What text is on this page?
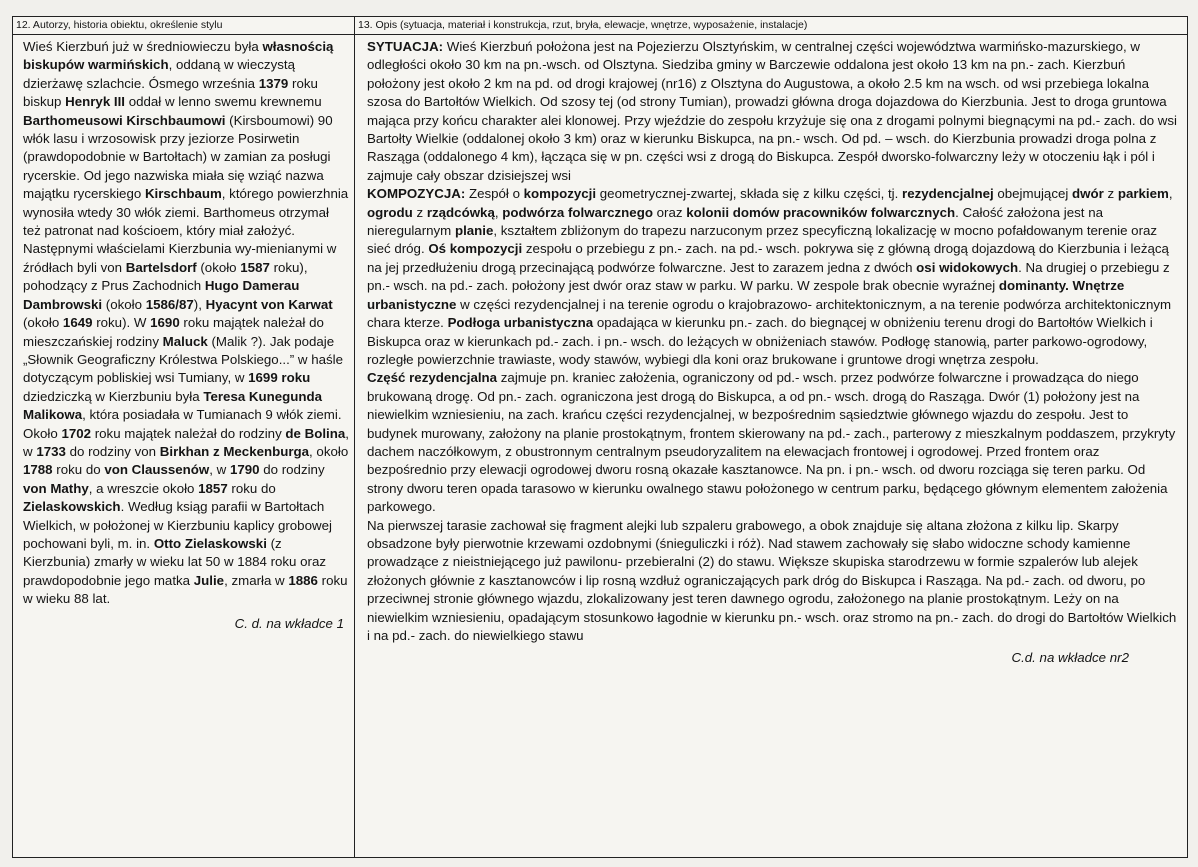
12. Autorzy, historia obiektu, określenie stylu

Wieś Kierzbuń już w średniowieczu była własnością biskupów warmińskich, oddaną w wieczystą dzierżawę szlachcie. Ósmego września 1379 roku biskup Henryk III oddał w lenno swemu krewnemu Barthomeusowi Kirschbaumowi (Kirsboumowi) 90 włók lasu i wrzosowisk przy jeziorze Posirwetin (prawdopodobnie w Bartołtach) w zamian za posługi rycerskie. Od jego nazwiska miała się wziąć nazwa majątku rycerskiego Kirschbaum, którego powierzhnia wynosiła wtedy 30 włók ziemi. Barthomeus otrzymał też patronat nad kościoem, który miał założyć. Następnymi właścielami Kierzbunia wy-mienianymi w źródłach byli von Bartelsdorf (około 1587 roku), pohodzący z Prus Zachodnich Hugo Damerau Dambrowski (około 1586/87), Hyacynt von Karwat (około 1649 roku). W 1690 roku majątek należał do mieszczańskiej rodziny Maluck (Malik ?). Jak podaje „Słownik Geograficzny Królestwa Polskiego...” w haśle dotyczącym pobliskiej wsi Tumiany, w 1699 roku dziedziczką w Kierzbuniu była Teresa Kunegunda Malikowa, która posiadała w Tumianach 9 włók ziemi. Około 1702 roku majątek należał do rodziny de Bolina, w 1733 do rodziny von Birkhan z Meckenburga, około 1788 roku do von Claussenów, w 1790 do rodziny von Mathy, a wreszcie około 1857 roku do Zielaskowskich. Według ksiąg parafii w Bartołtach Wielkich, w położonej w Kierzbuniu kaplicy grobowej pochowani byli, m. in. Otto Zielaskowski (z Kierzbunia) zmarły w wieku lat 50 w 1884 roku oraz prawdopodobnie jego matka Julie, zmarła w 1886 roku w wieku 88 lat.

C. d. na wkładce 1

13. Opis (sytuacja, materiał i konstrukcja, rzut, bryła, elewacje, wnętrze, wyposażenie, instalacje)

SYTUACJA: Wieś Kierzbuń położona jest na Pojezierzu Olsztyńskim, w centralnej części województwa warmińsko-mazurskiego, w odległości około 30 km na pn.-wsch. od Olsztyna. Siedziba gminy w Barczewie oddalona jest około 13 km na pn.- zach. Kierzbuń położony jest około 2 km na pd. od drogi krajowej (nr16) z Olsztyna do Augustowa, a około 2.5 km na wsch. od wsi przebiega lokalna szosa do Bartołtów Wielkich. Od szosy tej (od strony Tumian), prowadzi główna droga dojazdowa do Kierzbunia. Jest to droga gruntowa mająca przy końcu charakter alei klonowej. Przy wjeździe do zespołu krzyżuje się ona z drogami polnymi biegnącymi na pd.- zach. do wsi Bartołty Wielkie (oddalonej około 3 km) oraz w kierunku Biskupca, na pn.- wsch. Od pd. – wsch. do Kierzbunia prowadzi droga polna z Rasząga (oddalonego 4 km), łącząca się w pn. części wsi z drogą do Biskupca. Zespół dworsko-folwarczny leży w otoczeniu łąk i pól i zajmuje cały obszar dzisiejszej wsi

KOMPOZYCJA: Zespół o kompozycji geometrycznej-zwartej, składa się z kilku części, tj. rezydencjalnej obejmującej dwór z parkiem, ogrodu z rządcówką, podwórza folwarcznego oraz kolonii domów pracowników folwarcznych. Całość założona jest na nieregularnym planie, kształtem zbliżonym do trapezu narzuconym przez specyficzną lokalizację w mocno pofałdowanym terenie oraz sieć dróg. Oś kompozycji zespołu o przebiegu z pn.- zach. na pd.- wsch. pokrywa się z główną drogą dojazdową do Kierzbunia i leżącą na jej przedłużeniu drogą przecinającą podwórze folwarczne. Jest to zarazem jedna z dwóch osi widokowych. Na drugiej o przebiegu z pn.- wsch. na pd.- zach. położony jest dwór oraz staw w parku. W parku. W zespole brak obecnie wyraźnej dominanty. Wnętrze urbanistyczne w części rezydencjalnej i na terenie ogrodu o krajobrazowo- architektonicznym, a na terenie podwórza architektonicznym chara kterze. Podłoga urbanistyczna opadająca w kierunku pn.- zach. do biegnącej w obniżeniu terenu drogi do Bartołtów Wielkich i Biskupca oraz w kierunkach pd.- zach. i pn.- wsch. do leżących w obniżeniach stawów. Podłogę stanowią, parter parkowo-ogrodowy, rozległe powierzchnie trawiaste, wody stawów, wybiegi dla koni oraz brukowane i gruntowe drogi wnętrza zespołu.

Część rezydencjalna zajmuje pn. kraniec założenia, ograniczony od pd.- wsch. przez podwórze folwarczne i prowadząca do niego brukowaną drogę. Od pn.- zach. ograniczona jest drogą do Biskupca, a od pn.- wsch. drogą do Rasząga. Dwór (1) położony jest na niewielkim wzniesieniu, na zach. krańcu części rezydencjalnej, w bezpośrednim sąsiedztwie głównego wjazdu do zespołu. Jest to budynek murowany, założony na planie prostokątnym, frontem skierowany na pd.- zach., parterowy z mieszkalnym poddaszem, przykryty dachem naczółkowym, z obustronnym centralnym pseudoryzalitem na elewacjach frontowej i ogrodowej. Przed frontem oraz bezpośrednio przy elewacji ogrodowej dworu rosną okazałe kasztanowce. Na pn. i pn.- wsch. od dworu rozciąga się teren parku. Od strony dworu teren opada tarasowo w kierunku owalnego stawu położonego w centrum parku, będącego głównym elementem założenia parkowego.

Na pierwszej tarasie zachował się fragment alejki lub szpaleru grabowego, a obok znajduje się altana złożona z kilku lip. Skarpy obsadzone były pierwotnie krzewami ozdobnymi (śnieguliczki i róż). Nad stawem zachowały się słabo widoczne schody kamienne prowadzące z nieistniejącego już pawilonu- przebieralni (2) do stawu. Większe skupiska starodrzewu w formie szpalerów lub alejek złożonych głównie z kasztanowców i lip rosną wzdłuż ograniczających park dróg do Biskupca i Rasząga. Na pd.- zach. od dworu, po przeciwnej stronie głównego wjazdu, zlokalizowany jest teren dawnego ogrodu, założonego na planie prostokątnym. Leży on na niewielkim wzniesieniu, opadającym stosunkowo łagodnie w kierunku pn.- wsch. oraz stromo na pn.- zach. do drogi do Bartołtów Wielkich i na pd.- zach. do niewielkiego stawu

C.d. na wkładce nr2
